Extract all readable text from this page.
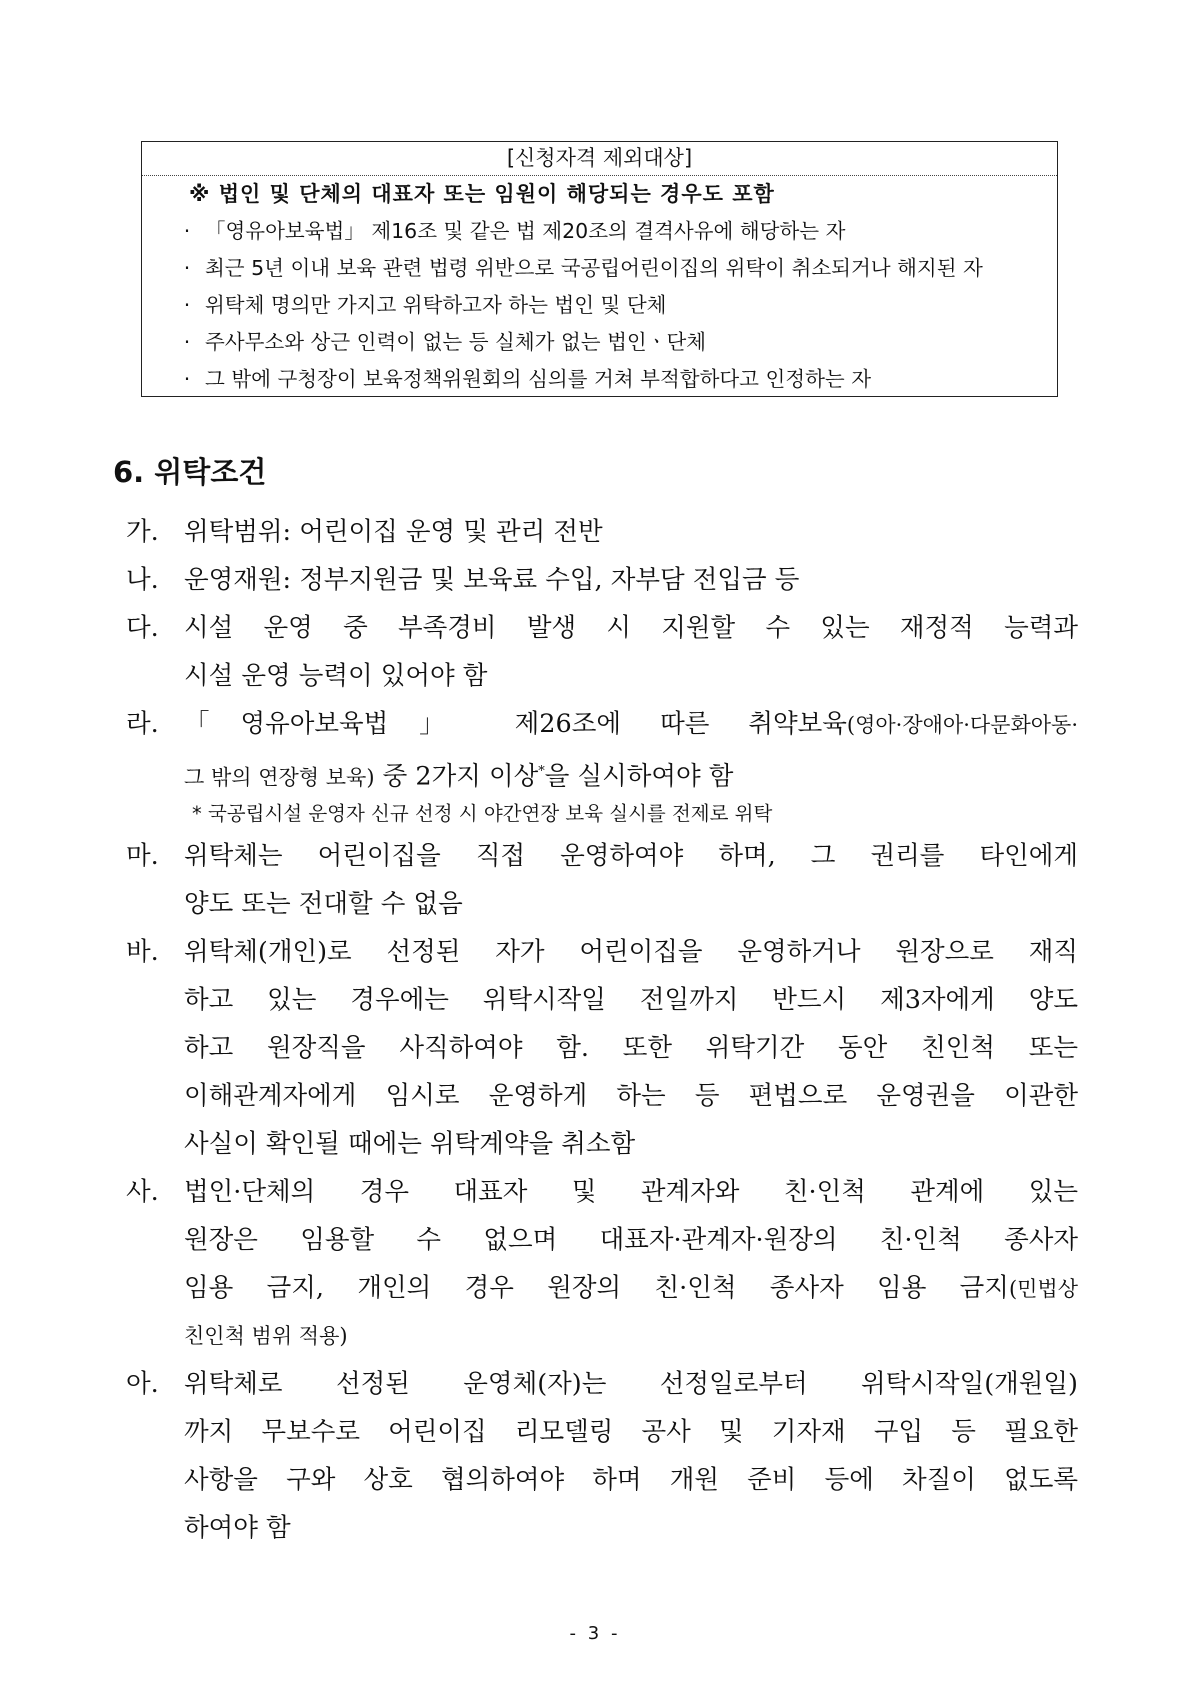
[신청자격 제외대상]
※ 법인 및 단체의 대표자 또는 임원이 해당되는 경우도 포함
· 「영유아보육법」 제16조 및 같은 법 제20조의 결격사유에 해당하는 자
· 최근 5년 이내 보육 관련 법령 위반으로 국공립어린이집의 위탁이 취소되거나 해지된 자
· 위탁체 명의만 가지고 위탁하고자 하는 법인 및 단체
· 주사무소와 상근 인력이 없는 등 실체가 없는 법인ㆍ단체
· 그 밖에 구청장이 보육정책위원회의 심의를 거쳐 부적합하다고 인정하는 자
6. 위탁조건
가. 위탁범위: 어린이집 운영 및 관리 전반
나. 운영재원: 정부지원금 및 보육료 수입, 자부담 전입금 등
다. 시설 운영 중 부족경비 발생 시 지원할 수 있는 재정적 능력과
시설 운영 능력이 있어야 함
라. 「영유아보육법」 제26조에 따른 취약보육(영아·장애아·다문화아동·
그 밖의 연장형 보육) 중 2가지 이상*을 실시하여야 함
* 국공립시설 운영자 신규 선정 시 야간연장 보육 실시를 전제로 위탁
마. 위탁체는 어린이집을 직접 운영하여야 하며, 그 권리를 타인에게
양도 또는 전대할 수 없음
바. 위탁체(개인)로 선정된 자가 어린이집을 운영하거나 원장으로 재직
하고 있는 경우에는 위탁시작일 전일까지 반드시 제3자에게 양도
하고 원장직을 사직하여야 함. 또한 위탁기간 동안 친인척 또는
이해관계자에게 임시로 운영하게 하는 등 편법으로 운영권을 이관한
사실이 확인될 때에는 위탁계약을 취소함
사. 법인·단체의 경우 대표자 및 관계자와 친·인척 관계에 있는
원장은 임용할 수 없으며 대표자·관계자·원장의 친·인척 종사자
임용 금지, 개인의 경우 원장의 친·인척 종사자 임용 금지(민법상
친인척 범위 적용)
아. 위탁체로 선정된 운영체(자)는 선정일로부터 위탁시작일(개원일)
까지 무보수로 어린이집 리모델링 공사 및 기자재 구입 등 필요한
사항을 구와 상호 협의하여야 하며 개원 준비 등에 차질이 없도록
하여야 함
- 3 -
